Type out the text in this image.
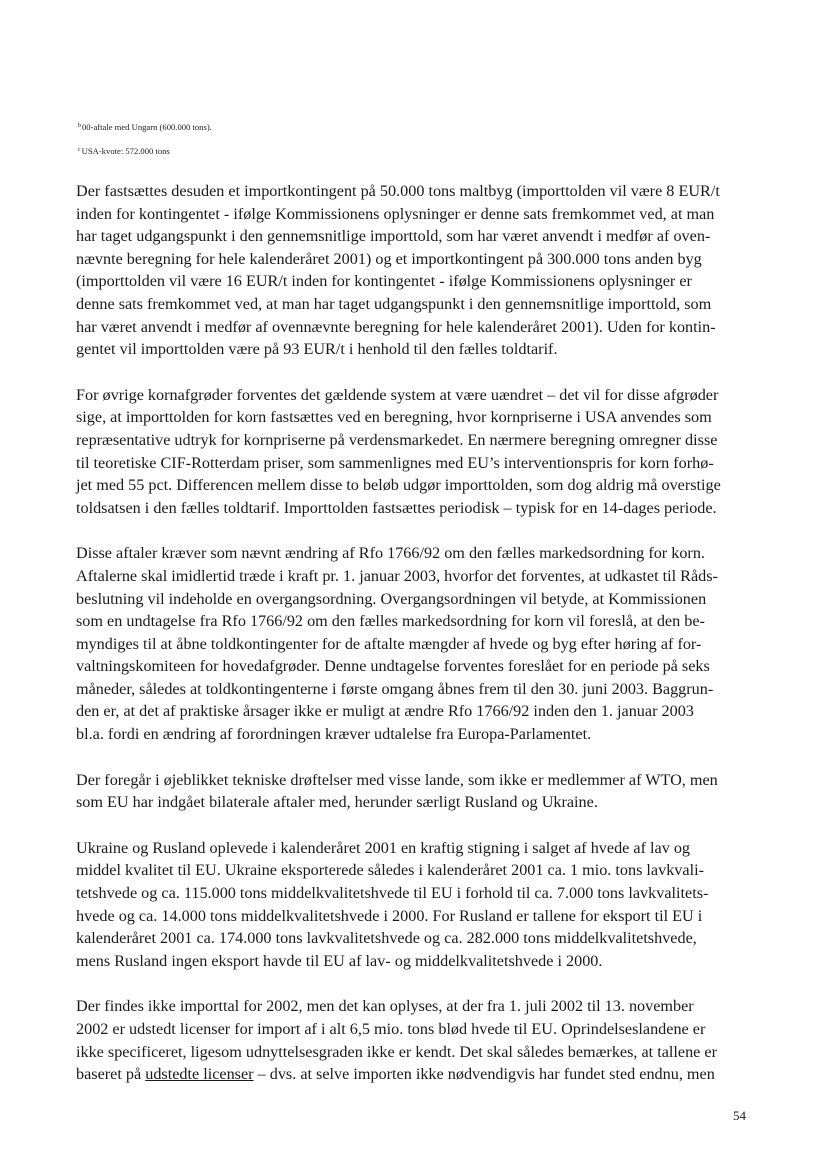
$^b$00-aftale med Ungarn (600.000 tons).
$^c$USA-kvote: 572.000 tons

Der fastsættes desuden et importkontingent på 50.000 tons maltbyg (importtolden vil være 8 EUR/t
inden for kontingentet - ifølge Kommissionens oplysninger er denne sats fremkommet ved, at man
har taget udgangspunkt i den gennemsnitlige importtold, som har været anvendt i medfør af oven-
nævnte beregning for hele kalenderåret 2001) og et importkontingent på 300.000 tons anden byg
(importtolden vil være 16 EUR/t inden for kontingentet - ifølge Kommissionens oplysninger er
denne sats fremkommet ved, at man har taget udgangspunkt i den gennemsnitlige importtold, som
har været anvendt i medfør af ovennævnte beregning for hele kalenderåret 2001). Uden for kontin-
gentet vil importtolden være på 93 EUR/t i henhold til den fælles toldtarif.

For øvrige kornafgrøder forventes det gældende system at være uændret – det vil for disse afgrøder
sige, at importtolden for korn fastsættes ved en beregning, hvor kornpriserne i USA anvendes som
repræsentative udtryk for kornpriserne på verdensmarkedet. En nærmere beregning omregner disse
til teoretiske CIF-Rotterdam priser, som sammenlignes med EU’s interventionspris for korn forhø-
jet med 55 pct. Differencen mellem disse to beløb udgør importtolden, som dog aldrig må overstige
toldsatsen i den fælles toldtarif. Importtolden fastsættes periodisk – typisk for en 14-dages periode.

Disse aftaler kræver som nævnt ændring af Rfo 1766/92 om den fælles markedsordning for korn.
Aftalerne skal imidlertid træde i kraft pr. 1. januar 2003, hvorfor det forventes, at udkastet til Råds-
beslutning vil indeholde en overgangsordning. Overgangsordningen vil betyde, at Kommissionen
som en undtagelse fra Rfo 1766/92 om den fælles markedsordning for korn vil foreslå, at den be-
myndiges til at åbne toldkontingenter for de aftalte mængder af hvede og byg efter høring af for-
valtningskomiteen for hovedafgrøder. Denne undtagelse forventes foreslået for en periode på seks
måneder, således at toldkontingenterne i første omgang åbnes frem til den 30. juni 2003. Baggrun-
den er, at det af praktiske årsager ikke er muligt at ændre Rfo 1766/92 inden den 1. januar 2003
bl.a. fordi en ændring af forordningen kræver udtalelse fra Europa-Parlamentet.

Der foregår i øjeblikket tekniske drøftelser med visse lande, som ikke er medlemmer af WTO, men
som EU har indgået bilaterale aftaler med, herunder særligt Rusland og Ukraine.

Ukraine og Rusland oplevede i kalenderåret 2001 en kraftig stigning i salget af hvede af lav og
middel kvalitet til EU. Ukraine eksporterede således i kalenderåret 2001 ca. 1 mio. tons lavkvali-
tetshvede og ca. 115.000 tons middelkvalitetshvede til EU i forhold til ca. 7.000 tons lavkvalitets-
hvede og ca. 14.000 tons middelkvalitetshvede i 2000. For Rusland er tallene for eksport til EU i
kalenderåret 2001 ca. 174.000 tons lavkvalitetshvede og ca. 282.000 tons middelkvalitetshvede,
mens Rusland ingen eksport havde til EU af lav- og middelkvalitetshvede i 2000.

Der findes ikke importtal for 2002, men det kan oplyses, at der fra 1. juli 2002 til 13. november
2002 er udstedt licenser for import af i alt 6,5 mio. tons blød hvede til EU. Oprindelseslandene er
ikke specificeret, ligesom udnyttelsesgraden ikke er kendt. Det skal således bemærkes, at tallene er
baseret på udstedte licenser – dvs. at selve importen ikke nødvendigvis har fundet sted endnu, men

54
